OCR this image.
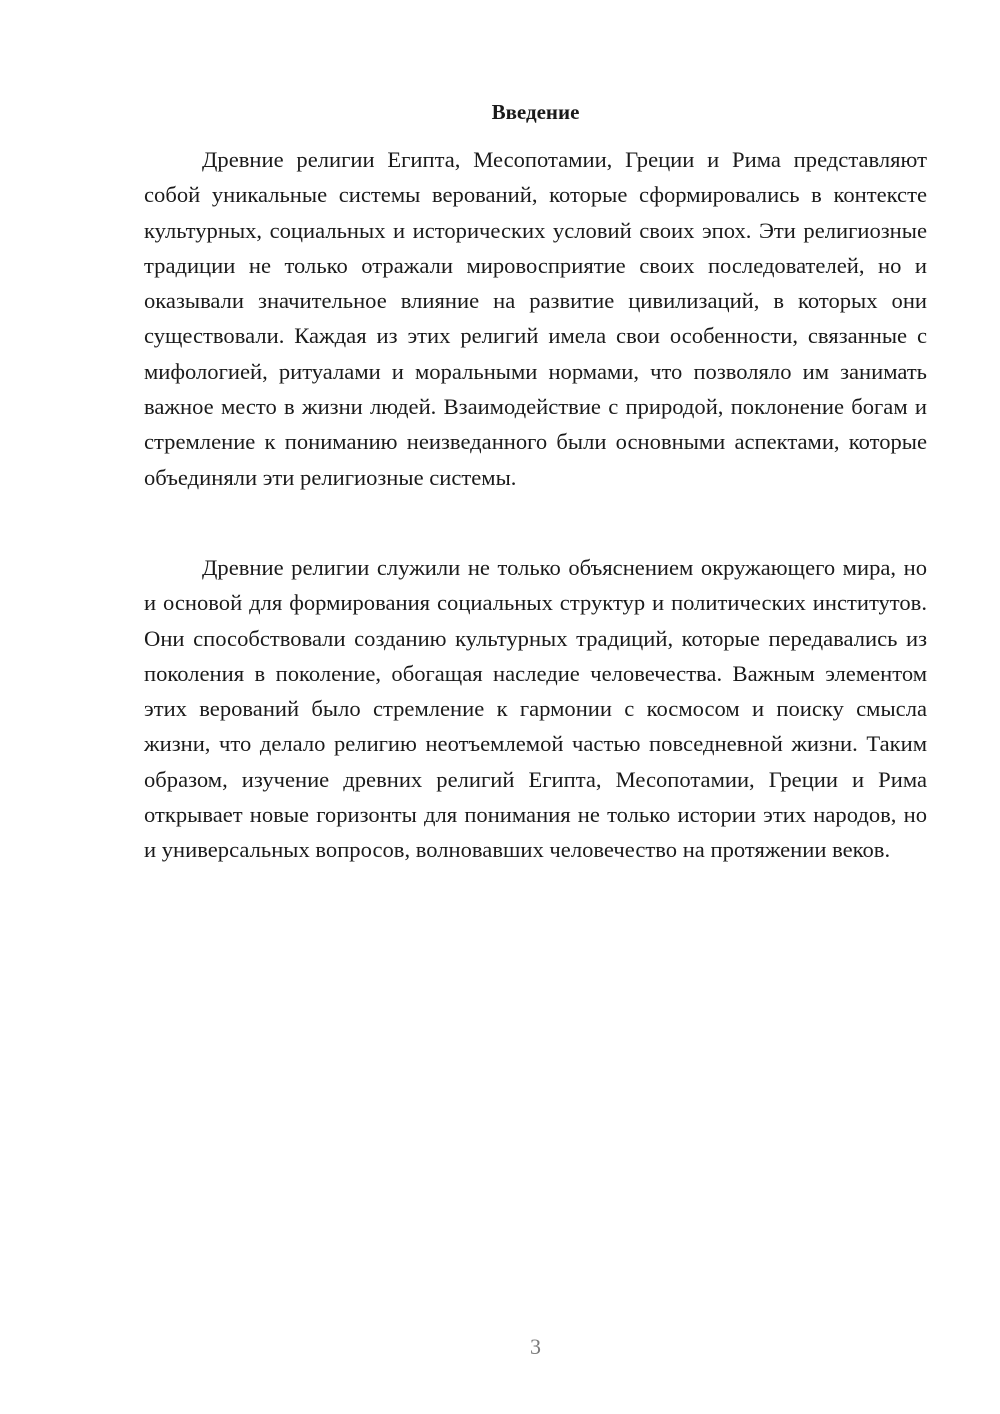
Введение

Древние религии Египта, Месопотамии, Греции и Рима представляют собой уникальные системы верований, которые сформировались в контексте культурных, социальных и исторических условий своих эпох. Эти религиозные традиции не только отражали мировосприятие своих последователей, но и оказывали значительное влияние на развитие цивилизаций, в которых они существовали. Каждая из этих религий имела свои особенности, связанные с мифологией, ритуалами и моральными нормами, что позволяло им занимать важное место в жизни людей. Взаимодействие с природой, поклонение богам и стремление к пониманию неизведанного были основными аспектами, которые объединяли эти религиозные системы.

Древние религии служили не только объяснением окружающего мира, но и основой для формирования социальных структур и политических институтов. Они способствовали созданию культурных традиций, которые передавались из поколения в поколение, обогащая наследие человечества. Важным элементом этих верований было стремление к гармонии с космосом и поиску смысла жизни, что делало религию неотъемлемой частью повседневной жизни. Таким образом, изучение древних религий Египта, Месопотамии, Греции и Рима открывает новые горизонты для понимания не только истории этих народов, но и универсальных вопросов, волновавших человечество на протяжении веков.

3
